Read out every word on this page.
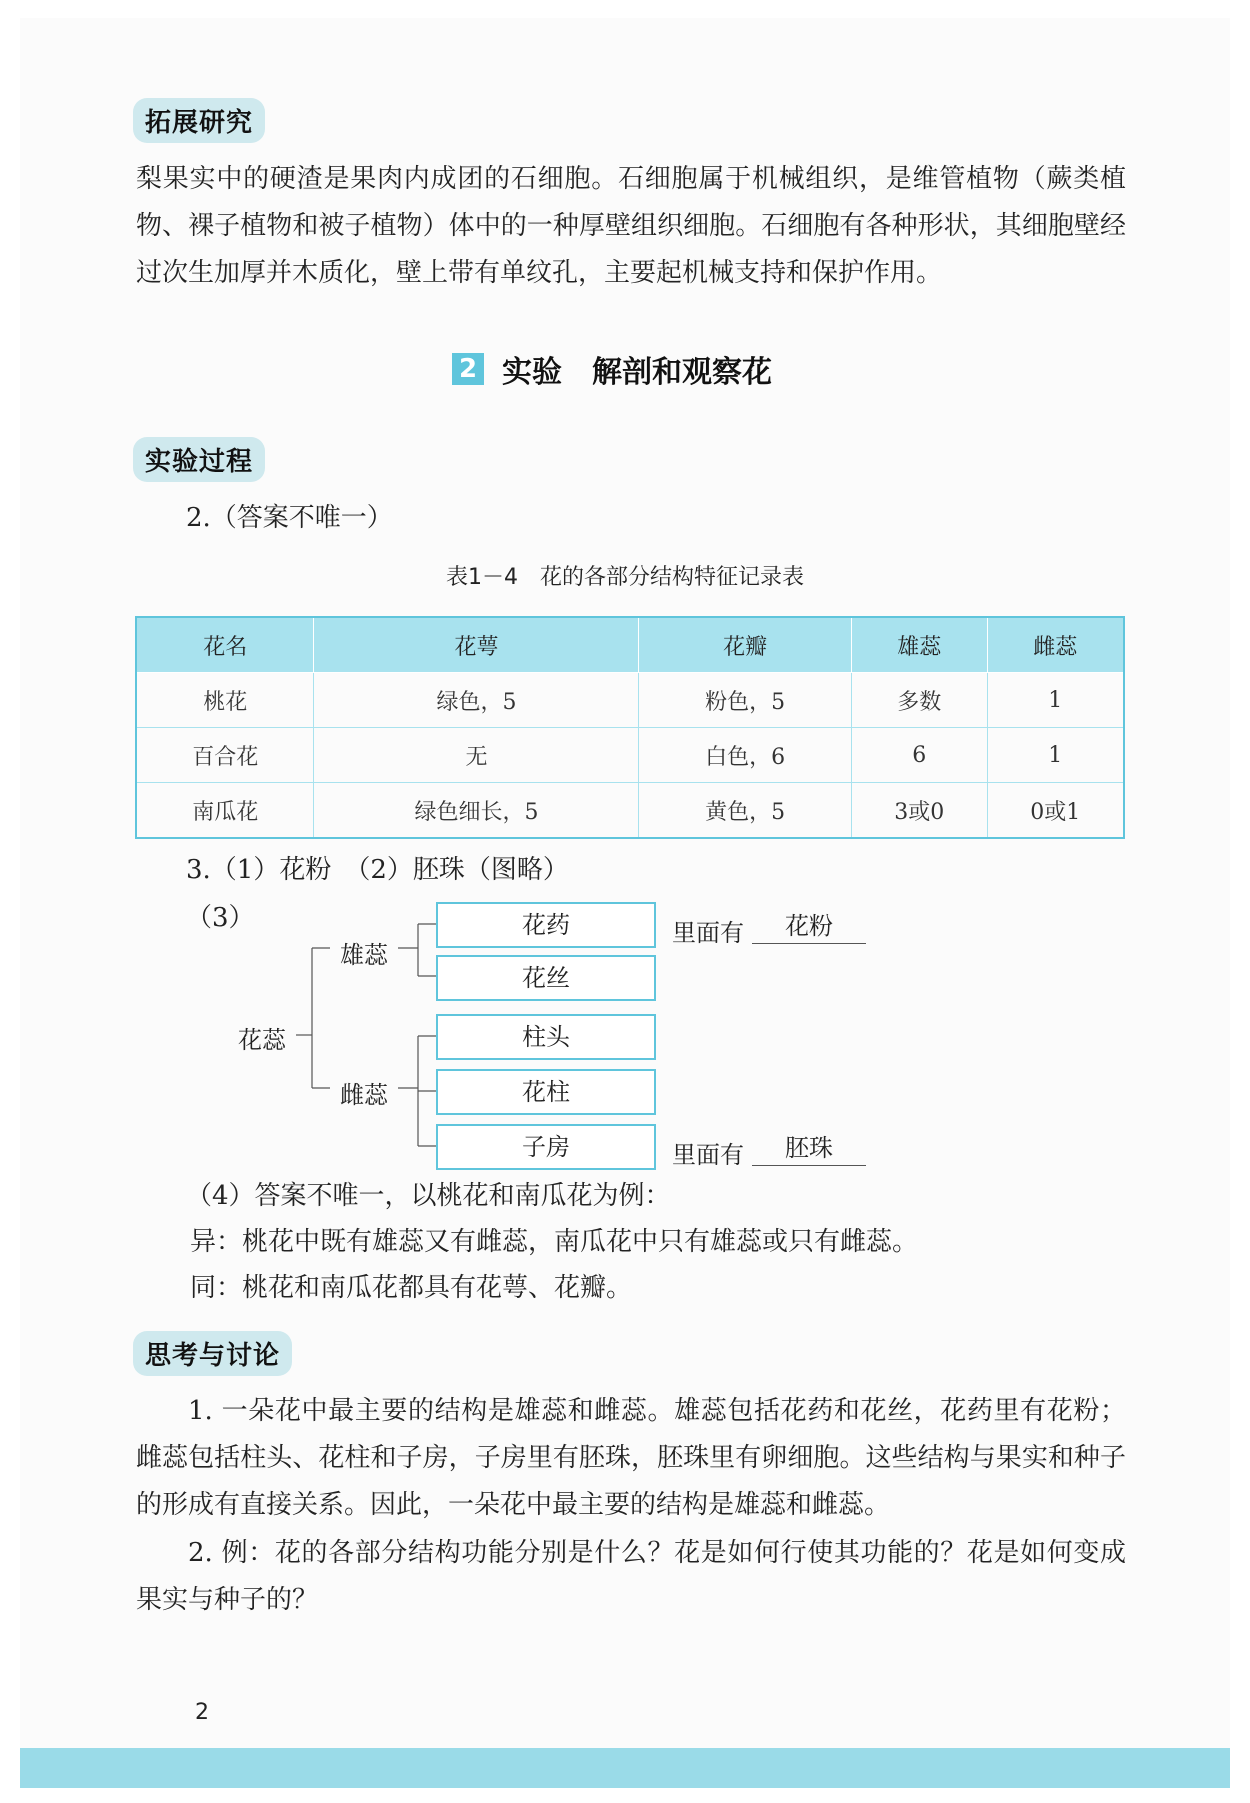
拓展研究
梨果实中的硬渣是果肉内成团的石细胞。石细胞属于机械组织，是维管植物（蕨类植物、裸子植物和被子植物）体中的一种厚壁组织细胞。石细胞有各种形状，其细胞壁经过次生加厚并木质化，壁上带有单纹孔，主要起机械支持和保护作用。
2 实验　解剖和观察花
实验过程
2.（答案不唯一）
表1－4　花的各部分结构特征记录表
花名	花萼	花瓣	雄蕊	雌蕊
桃花	绿色，5	粉色，5	多数	1
百合花	无	白色，6	6	1
南瓜花	绿色细长，5	黄色，5	3或0	0或1
3.（1）花粉　（2）胚珠（图略）
（3）
花蕊
雄蕊
雌蕊
花药
花丝
柱头
花柱
子房
里面有	花粉
里面有	胚珠
（4）答案不唯一，以桃花和南瓜花为例：
异：桃花中既有雄蕊又有雌蕊，南瓜花中只有雄蕊或只有雌蕊。
同：桃花和南瓜花都具有花萼、花瓣。
思考与讨论
1. 一朵花中最主要的结构是雄蕊和雌蕊。雄蕊包括花药和花丝，花药里有花粉；雌蕊包括柱头、花柱和子房，子房里有胚珠，胚珠里有卵细胞。这些结构与果实和种子的形成有直接关系。因此，一朵花中最主要的结构是雄蕊和雌蕊。
2. 例：花的各部分结构功能分别是什么？花是如何行使其功能的？花是如何变成果实与种子的？
2
